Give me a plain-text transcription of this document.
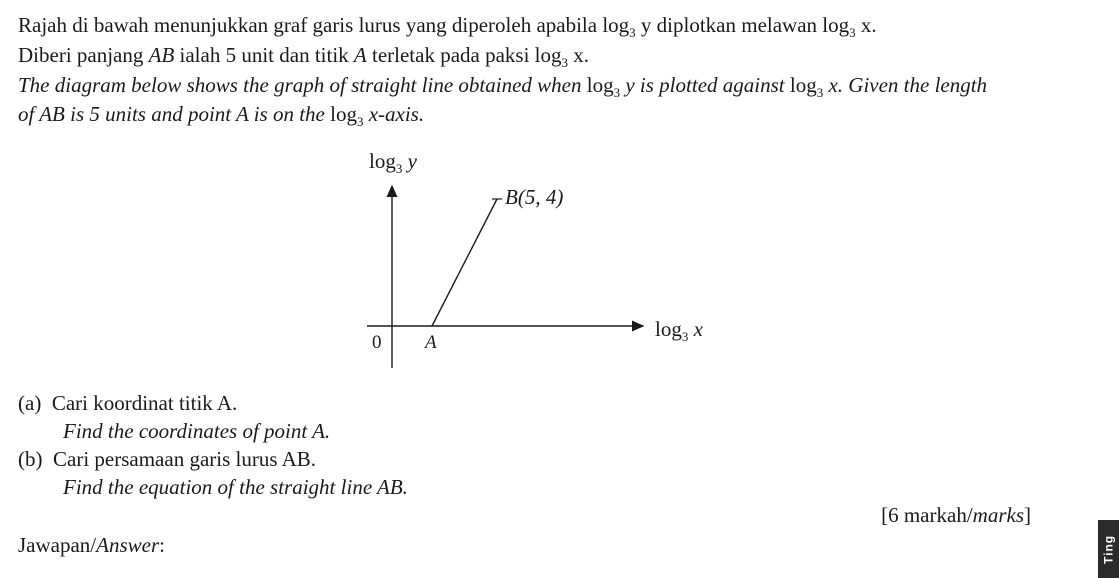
Rajah di bawah menunjukkan graf garis lurus yang diperoleh apabila $\log_3 y$ diplotkan melawan $\log_3 x$.
Diberi panjang AB ialah 5 unit dan titik A terletak pada paksi $\log_3 x$.
The diagram below shows the graph of straight line obtained when $\log_3 y$ is plotted against $\log_3 x$. Given the length
of AB is 5 units and point A is on the $\log_3$ x-axis.
$\log_3 y$
B(5, 4)
$\log_3 x$
0 A
(a) Cari koordinat titik A.
Find the coordinates of point A.
(b) Cari persamaan garis lurus AB.
Find the equation of the straight line AB.
[6 markah/marks]
Jawapan/Answer:	Ting
